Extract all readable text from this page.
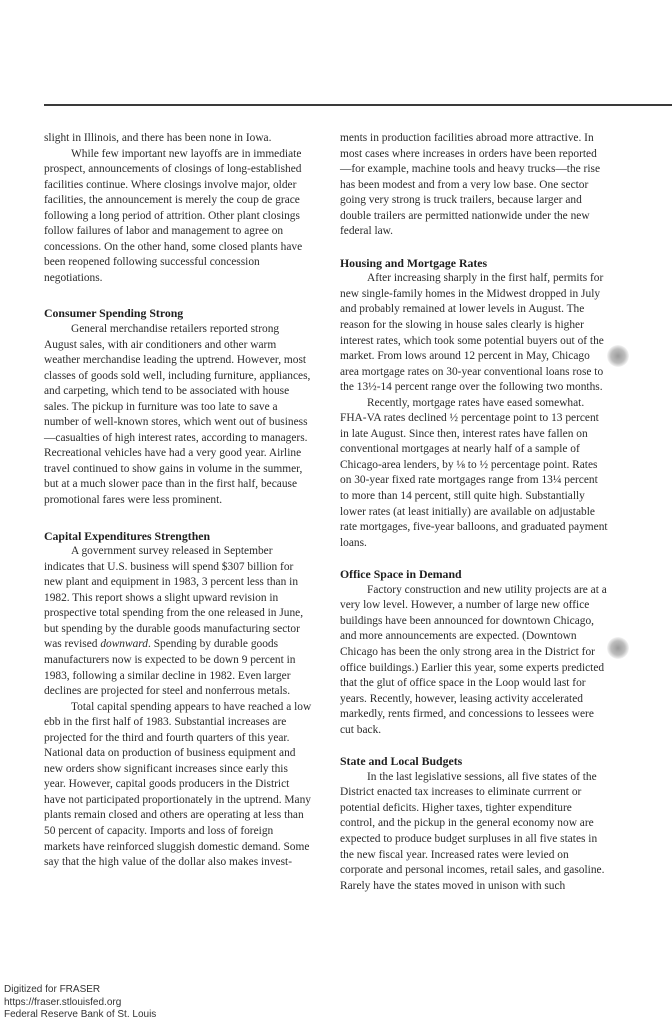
slight in Illinois, and there has been none in Iowa.

While few important new layoffs are in immediate prospect, announcements of closings of long-established facilities continue. Where closings involve major, older facilities, the announcement is merely the coup de grace following a long period of attrition. Other plant closings follow failures of labor and management to agree on concessions. On the other hand, some closed plants have been reopened following successful concession negotiations.

Consumer Spending Strong

General merchandise retailers reported strong August sales, with air conditioners and other warm weather merchandise leading the uptrend. However, most classes of goods sold well, including furniture, appliances, and carpeting, which tend to be associated with house sales. The pickup in furniture was too late to save a number of well-known stores, which went out of business—casualties of high interest rates, according to managers. Recreational vehicles have had a very good year. Airline travel continued to show gains in volume in the summer, but at a much slower pace than in the first half, because promotional fares were less prominent.

Capital Expenditures Strengthen

A government survey released in September indicates that U.S. business will spend $307 billion for new plant and equipment in 1983, 3 percent less than in 1982. This report shows a slight upward revision in prospective total spending from the one released in June, but spending by the durable goods manufacturing sector was revised downward. Spending by durable goods manufacturers now is expected to be down 9 percent in 1983, following a similar decline in 1982. Even larger declines are projected for steel and nonferrous metals.

Total capital spending appears to have reached a low ebb in the first half of 1983. Substantial increases are projected for the third and fourth quarters of this year. National data on production of business equipment and new orders show significant increases since early this year. However, capital goods producers in the District have not participated proportionately in the uptrend. Many plants remain closed and others are operating at less than 50 percent of capacity. Imports and loss of foreign markets have reinforced sluggish domestic demand. Some say that the high value of the dollar also makes invest-

ments in production facilities abroad more attractive. In most cases where increases in orders have been reported—for example, machine tools and heavy trucks—the rise has been modest and from a very low base. One sector going very strong is truck trailers, because larger and double trailers are permitted nationwide under the new federal law.

Housing and Mortgage Rates

After increasing sharply in the first half, permits for new single-family homes in the Midwest dropped in July and probably remained at lower levels in August. The reason for the slowing in house sales clearly is higher interest rates, which took some potential buyers out of the market. From lows around 12 percent in May, Chicago area mortgage rates on 30-year conventional loans rose to the 13½-14 percent range over the following two months.

Recently, mortgage rates have eased somewhat. FHA-VA rates declined ½ percentage point to 13 percent in late August. Since then, interest rates have fallen on conventional mortgages at nearly half of a sample of Chicago-area lenders, by ⅛ to ½ percentage point. Rates on 30-year fixed rate mortgages range from 13¼ percent to more than 14 percent, still quite high. Substantially lower rates (at least initially) are available on adjustable rate mortgages, five-year balloons, and graduated payment loans.

Office Space in Demand

Factory construction and new utility projects are at a very low level. However, a number of large new office buildings have been announced for downtown Chicago, and more announcements are expected. (Downtown Chicago has been the only strong area in the District for office buildings.) Earlier this year, some experts predicted that the glut of office space in the Loop would last for years. Recently, however, leasing activity accelerated markedly, rents firmed, and concessions to lessees were cut back.

State and Local Budgets

In the last legislative sessions, all five states of the District enacted tax increases to eliminate currrent or potential deficits. Higher taxes, tighter expenditure control, and the pickup in the general economy now are expected to produce budget surpluses in all five states in the new fiscal year. Increased rates were levied on corporate and personal incomes, retail sales, and gasoline. Rarely have the states moved in unison with such

Digitized for FRASER
https://fraser.stlouisfed.org
Federal Reserve Bank of St. Louis
